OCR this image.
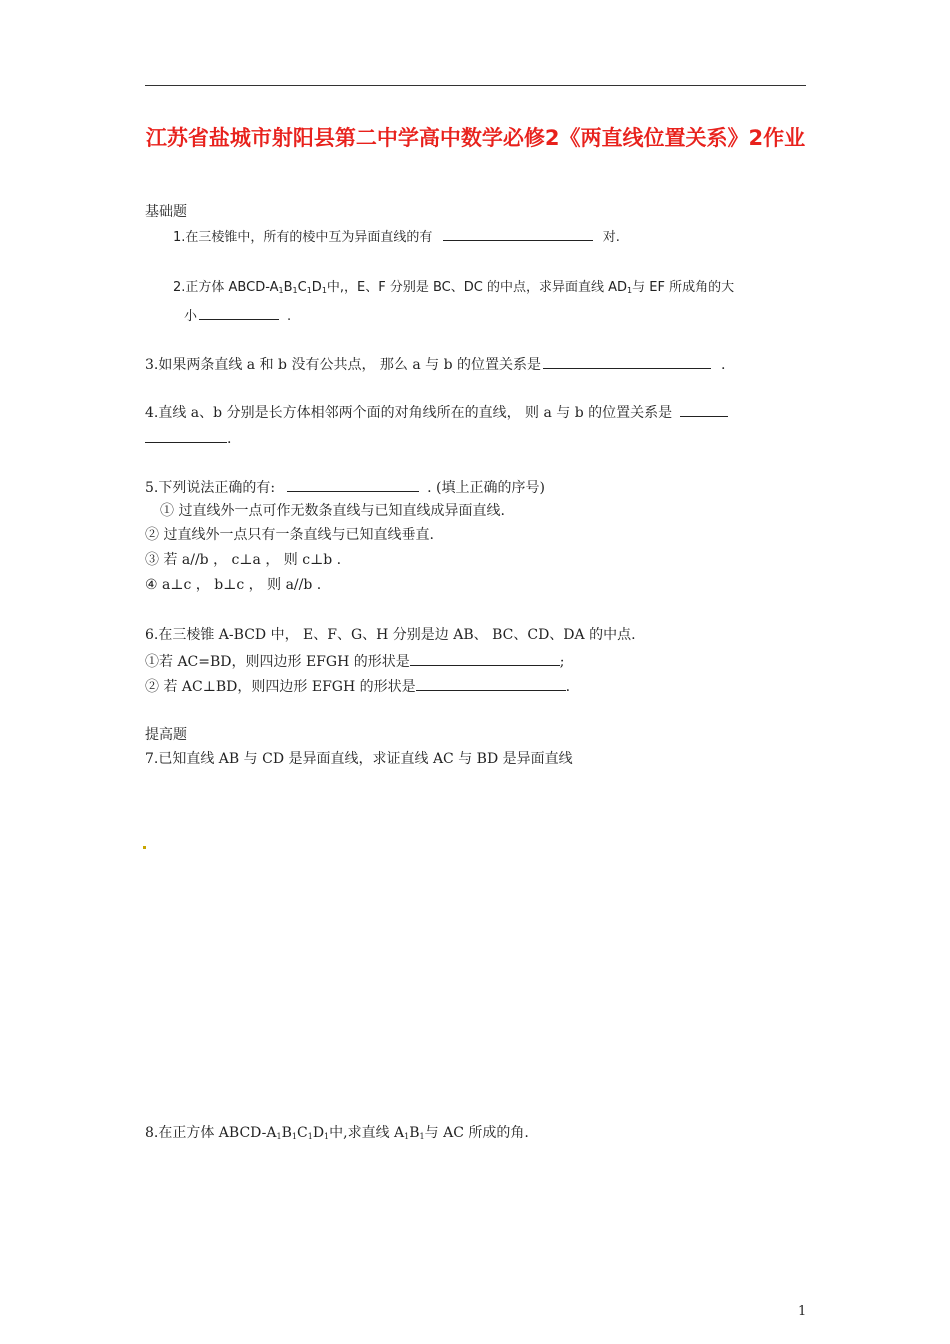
江苏省盐城市射阳县第二中学高中数学必修2《两直线位置关系》2作业
基础题
1.在三棱锥中，所有的棱中互为异面直线的有	对.
2.正方体 ABCD-$A_1B_1C_1D_1$中,，E、F 分别是 BC、DC 的中点，求异面直线 $AD_1$与 EF 所成角的大
小	.
3.如果两条直线 a 和 b 没有公共点， 那么 a 与 b 的位置关系是	.
4.直线 a、b 分别是长方体相邻两个面的对角线所在的直线， 则 a 与 b 的位置关系是
.
5.下列说法正确的有:	. (填上正确的序号)
① 过直线外一点可作无数条直线与已知直线成异面直线.
② 过直线外一点只有一条直线与已知直线垂直.
③ 若 a//b ， c⊥a ， 则 c⊥b .
④ a⊥c ， b⊥c ， 则 a//b .
6.在三棱锥 A-BCD 中， E、F、G、H 分别是边 AB、 BC、CD、DA 的中点.
①若 AC=BD，则四边形 EFGH 的形状是	;
② 若 AC⊥BD，则四边形 EFGH 的形状是	.
提高题
7.已知直线 AB 与 CD 是异面直线，求证直线 AC 与 BD 是异面直线
8.在正方体 ABCD-$A_1B_1C_1D_1$中,求直线 $A_1B_1$与 AC 所成的角.
1
